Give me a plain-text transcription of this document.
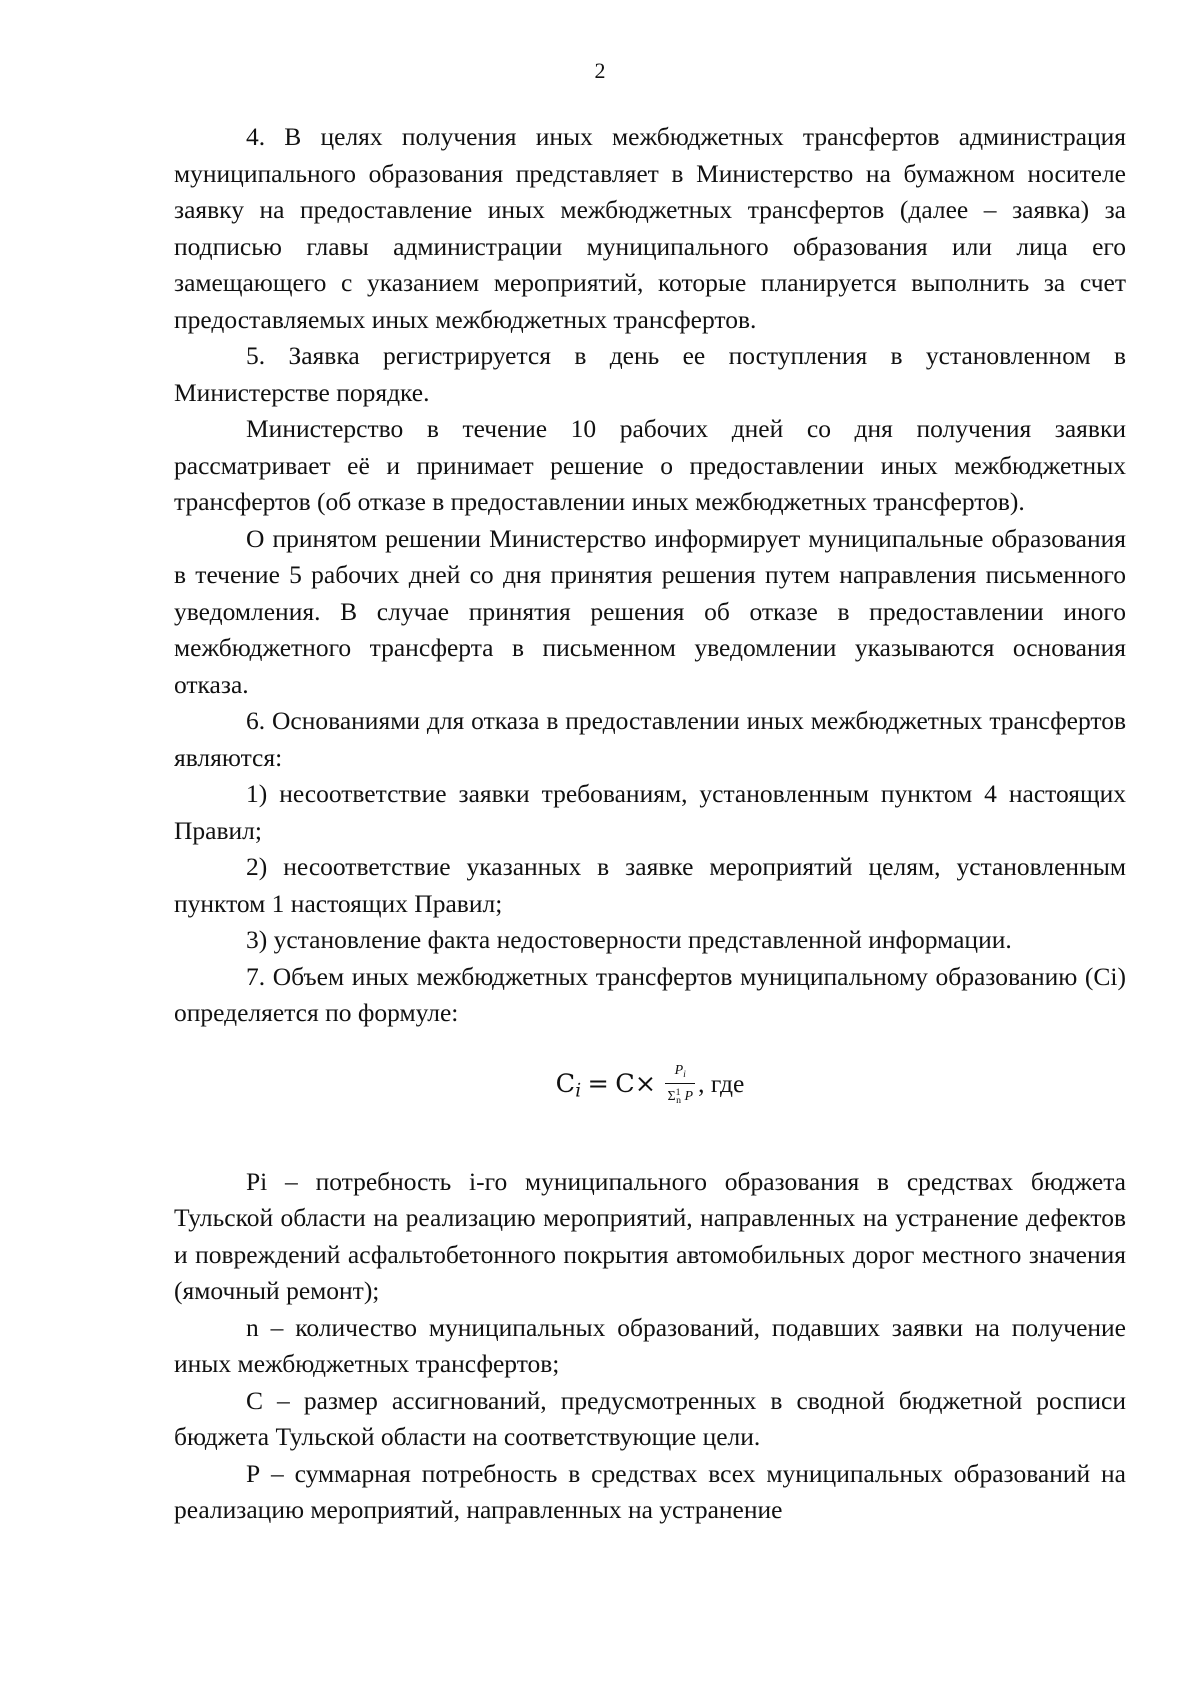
2

4. В целях получения иных межбюджетных трансфертов администрация муниципального образования представляет в Министерство на бумажном носителе заявку на предоставление иных межбюджетных трансфертов (далее – заявка) за подписью главы администрации муниципального образования или лица его замещающего с указанием мероприятий, которые планируется выполнить за счет предоставляемых иных межбюджетных трансфертов.

5. Заявка регистрируется в день ее поступления в установленном в Министерстве порядке.

Министерство в течение 10 рабочих дней со дня получения заявки рассматривает её и принимает решение о предоставлении иных межбюджетных трансфертов (об отказе в предоставлении иных межбюджетных трансфертов).

О принятом решении Министерство информирует муниципальные образования в течение 5 рабочих дней со дня принятия решения путем направления письменного уведомления. В случае принятия решения об отказе в предоставлении иного межбюджетного трансферта в письменном уведомлении указываются основания отказа.

6. Основаниями для отказа в предоставлении иных межбюджетных трансфертов являются:

1) несоответствие заявки требованиям, установленным пунктом 4 настоящих Правил;

2) несоответствие указанных в заявке мероприятий целям, установленным пунктом 1 настоящих Правил;

3) установление факта недостоверности представленной информации.

7. Объем иных межбюджетных трансфертов муниципальному образованию (Сi) определяется по формуле:

Сi = $С\times \frac{P_i}{\Sigma^1_n P}$ , где

Pi – потребность i-го муниципального образования в средствах бюджета Тульской области на реализацию мероприятий, направленных на устранение дефектов и повреждений асфальтобетонного покрытия автомобильных дорог местного значения (ямочный ремонт);

n – количество муниципальных образований, подавших заявки на получение иных межбюджетных трансфертов;

С – размер ассигнований, предусмотренных в сводной бюджетной росписи бюджета Тульской области на соответствующие цели.

Р – суммарная потребность в средствах всех муниципальных образований на реализацию мероприятий, направленных на устранение
